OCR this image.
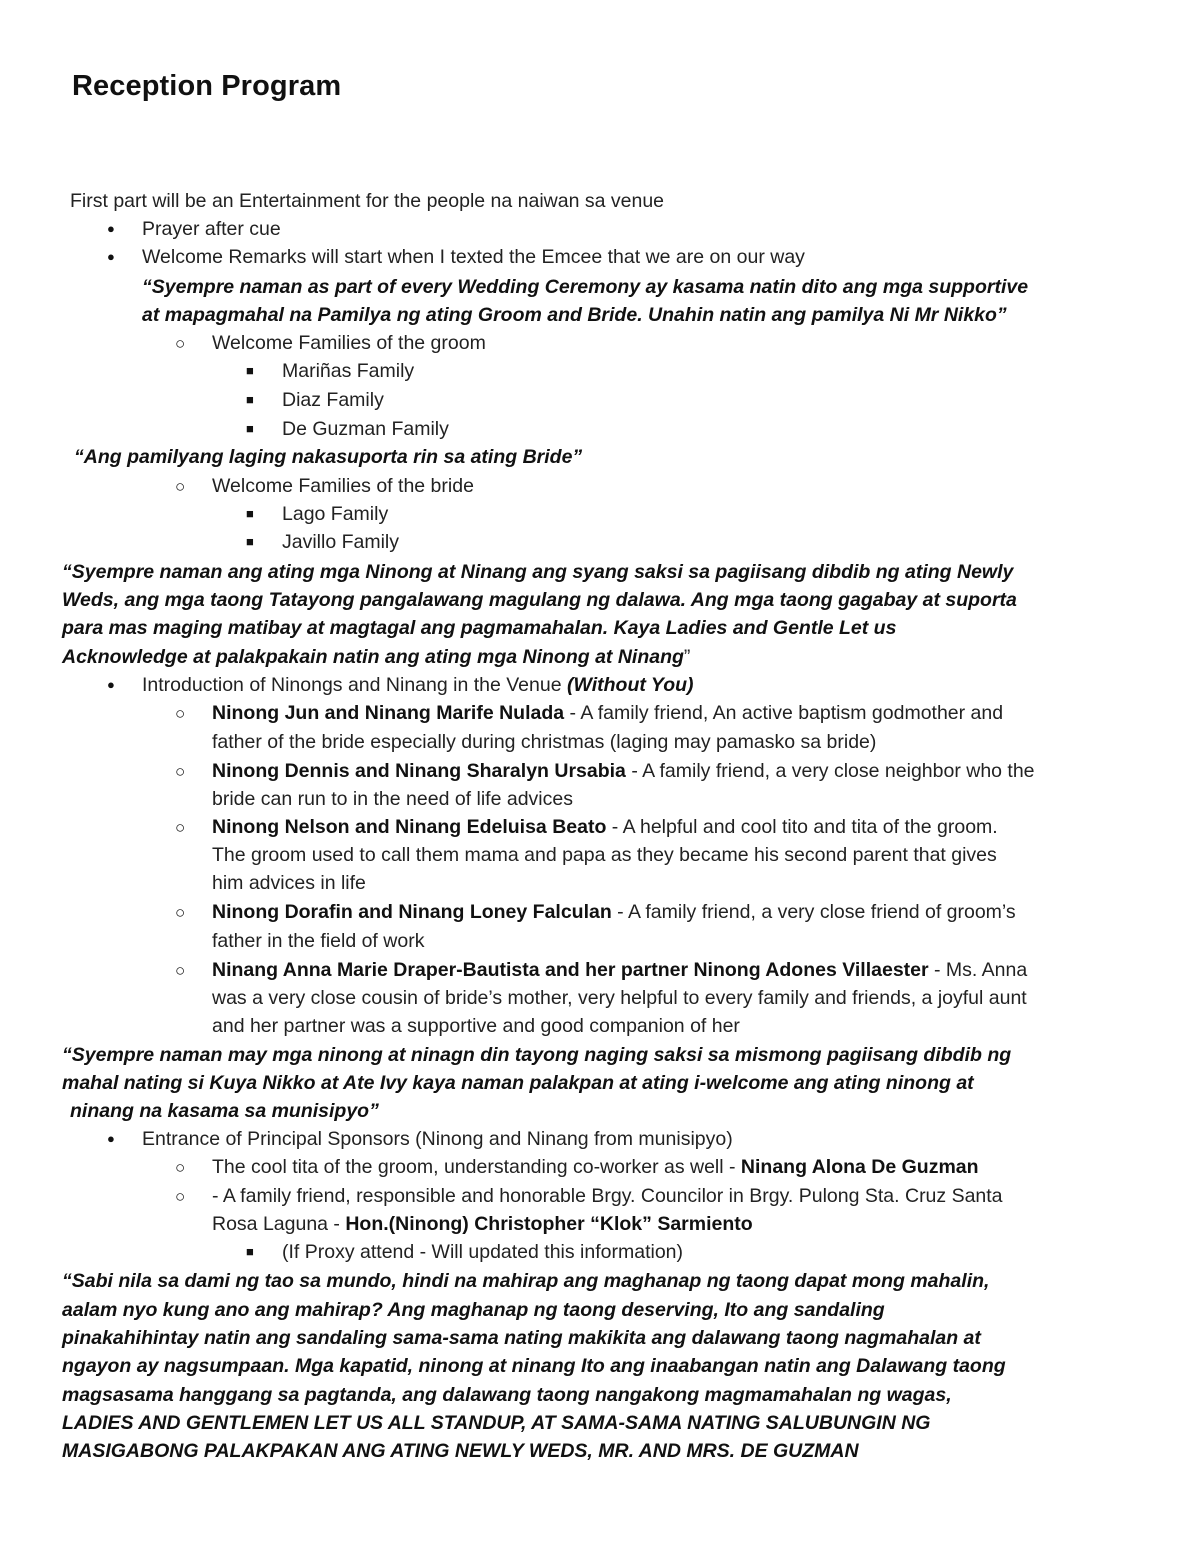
Reception Program
First part will be an Entertainment for the people na naiwan sa venue
●
Prayer after cue
●
Welcome Remarks will start when I texted the Emcee that we are on our way
“Syempre naman as part of every Wedding Ceremony ay kasama natin dito ang mga supportive
at mapagmahal na Pamilya ng ating Groom and Bride. Unahin natin ang pamilya Ni Mr Nikko”
○
Welcome Families of the groom
■
Mariñas Family
■
Diaz Family
■
De Guzman Family
“Ang pamilyang laging nakasuporta rin sa ating Bride”
○
Welcome Families of the bride
■
Lago Family
■
Javillo Family
“Syempre naman ang ating mga Ninong at Ninang ang syang saksi sa pagiisang dibdib ng ating Newly
Weds, ang mga taong Tatayong pangalawang magulang ng dalawa. Ang mga taong gagabay at suporta
para mas maging matibay at magtagal ang pagmamahalan. Kaya Ladies and Gentle Let us
Acknowledge at palakpakain natin ang ating mga Ninong at Ninang”
●
Introduction of Ninongs and Ninang in the Venue (Without You)
○
Ninong Jun and Ninang Marife Nulada - A family friend, An active baptism godmother and
father of the bride especially during christmas (laging may pamasko sa bride)
○
Ninong Dennis and Ninang Sharalyn Ursabia - A family friend, a very close neighbor who the
bride can run to in the need of life advices
○
Ninong Nelson and Ninang Edeluisa Beato - A helpful and cool tito and tita of the groom.
The groom used to call them mama and papa as they became his second parent that gives
him advices in life
○
Ninong Dorafin and Ninang Loney Falculan - A family friend, a very close friend of groom’s
father in the field of work
○
Ninang Anna Marie Draper-Bautista and her partner Ninong Adones Villaester - Ms. Anna
was a very close cousin of bride’s mother, very helpful to every family and friends, a joyful aunt
and her partner was a supportive and good companion of her
“Syempre naman may mga ninong at ninagn din tayong naging saksi sa mismong pagiisang dibdib ng
mahal nating si Kuya Nikko at Ate Ivy kaya naman palakpan at ating i-welcome ang ating ninong at
ninang na kasama sa munisipyo”
●
Entrance of Principal Sponsors (Ninong and Ninang from munisipyo)
○
The cool tita of the groom, understanding co-worker as well - Ninang Alona De Guzman
○
- A family friend, responsible and honorable Brgy. Councilor in Brgy. Pulong Sta. Cruz Santa
Rosa Laguna - Hon.(Ninong) Christopher “Klok” Sarmiento
■
(If Proxy attend - Will updated this information)
“Sabi nila sa dami ng tao sa mundo, hindi na mahirap ang maghanap ng taong dapat mong mahalin,
aalam nyo kung ano ang mahirap? Ang maghanap ng taong deserving, Ito ang sandaling
pinakahihintay natin ang sandaling sama-sama nating makikita ang dalawang taong nagmahalan at
ngayon ay nagsumpaan. Mga kapatid, ninong at ninang Ito ang inaabangan natin ang Dalawang taong
magsasama hanggang sa pagtanda, ang dalawang taong nangakong magmamahalan ng wagas,
LADIES AND GENTLEMEN LET US ALL STANDUP, AT SAMA-SAMA NATING SALUBUNGIN NG
MASIGABONG PALAKPAKAN ANG ATING NEWLY WEDS, MR. AND MRS. DE GUZMAN
